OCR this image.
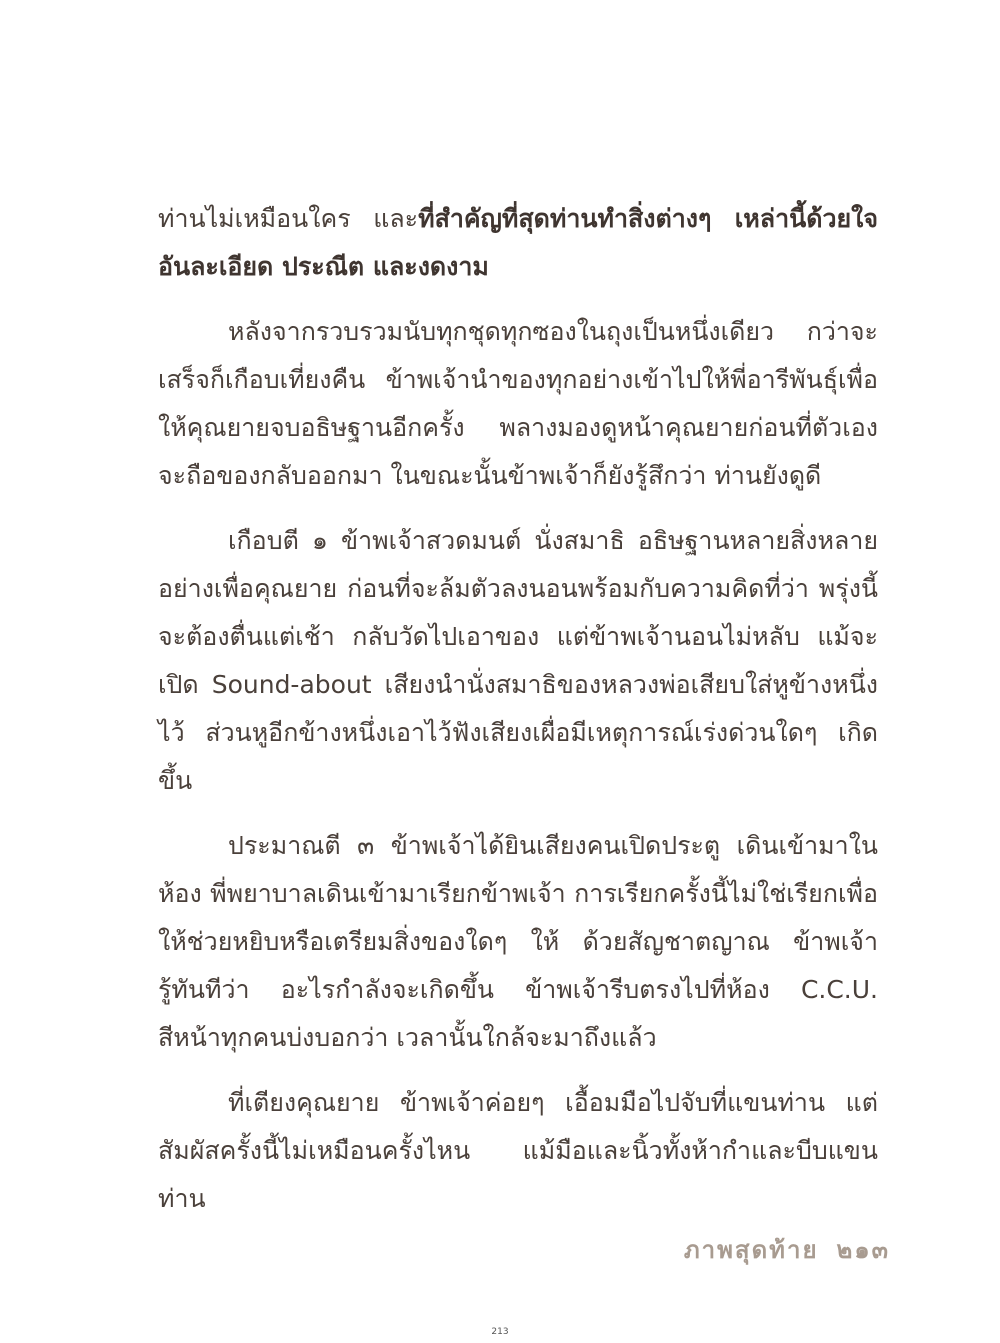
ท่านไม่เหมือนใคร และที่สำคัญที่สุดท่านทำสิ่งต่างๆ เหล่านี้ด้วยใจอันละเอียด ประณีต และงดงาม

หลังจากรวบรวมนับทุกชุดทุกซองในถุงเป็นหนึ่งเดียว กว่าจะเสร็จก็เกือบเที่ยงคืน ข้าพเจ้านำของทุกอย่างเข้าไปให้พี่อารีพันธุ์เพื่อให้คุณยายจบอธิษฐานอีกครั้ง พลางมองดูหน้าคุณยายก่อนที่ตัวเองจะถือของกลับออกมา ในขณะนั้นข้าพเจ้าก็ยังรู้สึกว่า ท่านยังดูดี

เกือบตี ๑ ข้าพเจ้าสวดมนต์ นั่งสมาธิ อธิษฐานหลายสิ่งหลายอย่างเพื่อคุณยาย ก่อนที่จะล้มตัวลงนอนพร้อมกับความคิดที่ว่า พรุ่งนี้จะต้องตื่นแต่เช้า กลับวัดไปเอาของ แต่ข้าพเจ้านอนไม่หลับ แม้จะเปิด Sound-about เสียงนำนั่งสมาธิของหลวงพ่อเสียบใส่หูข้างหนึ่งไว้ ส่วนหูอีกข้างหนึ่งเอาไว้ฟังเสียงเผื่อมีเหตุการณ์เร่งด่วนใดๆ เกิดขึ้น

ประมาณตี ๓ ข้าพเจ้าได้ยินเสียงคนเปิดประตู เดินเข้ามาในห้อง พี่พยาบาลเดินเข้ามาเรียกข้าพเจ้า การเรียกครั้งนี้ไม่ใช่เรียกเพื่อให้ช่วยหยิบหรือเตรียมสิ่งของใดๆ ให้ ด้วยสัญชาตญาณ ข้าพเจ้ารู้ทันทีว่า อะไรกำลังจะเกิดขึ้น ข้าพเจ้ารีบตรงไปที่ห้อง C.C.U. สีหน้าทุกคนบ่งบอกว่า เวลานั้นใกล้จะมาถึงแล้ว

ที่เตียงคุณยาย ข้าพเจ้าค่อยๆ เอื้อมมือไปจับที่แขนท่าน แต่สัมผัสครั้งนี้ไม่เหมือนครั้งไหน แม้มือและนิ้วทั้งห้ากำและบีบแขนท่าน

ภาพสุดท้าย ๒๑๓
213
